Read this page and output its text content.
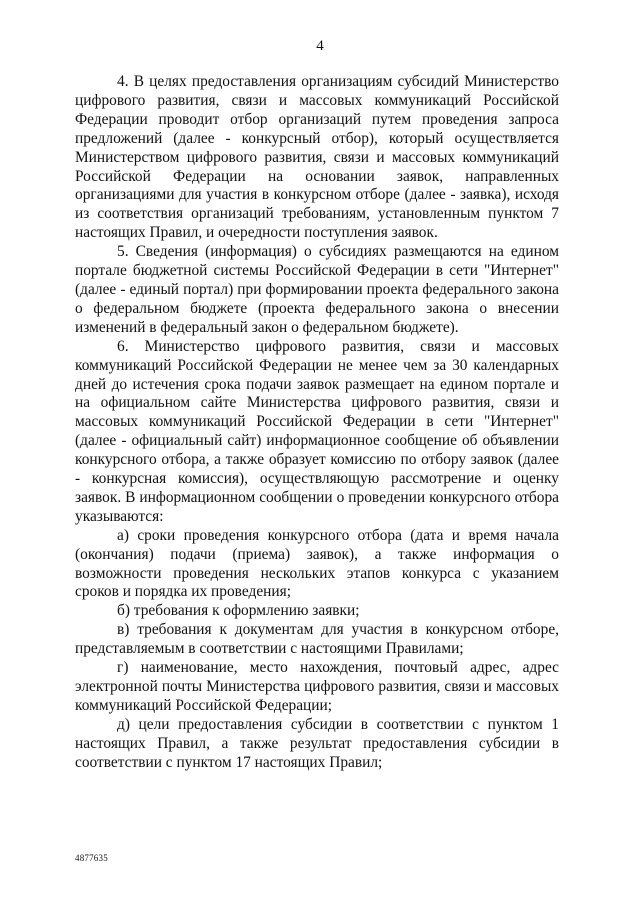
4

4. В целях предоставления организациям субсидий Министерство цифрового развития, связи и массовых коммуникаций Российской Федерации проводит отбор организаций путем проведения запроса предложений (далее - конкурсный отбор), который осуществляется Министерством цифрового развития, связи и массовых коммуникаций Российской Федерации на основании заявок, направленных организациями для участия в конкурсном отборе (далее - заявка), исходя из соответствия организаций требованиям, установленным пунктом 7 настоящих Правил, и очередности поступления заявок.

5. Сведения (информация) о субсидиях размещаются на едином портале бюджетной системы Российской Федерации в сети "Интернет" (далее - единый портал) при формировании проекта федерального закона о федеральном бюджете (проекта федерального закона о внесении изменений в федеральный закон о федеральном бюджете).

6. Министерство цифрового развития, связи и массовых коммуникаций Российской Федерации не менее чем за 30 календарных дней до истечения срока подачи заявок размещает на едином портале и на официальном сайте Министерства цифрового развития, связи и массовых коммуникаций Российской Федерации в сети "Интернет" (далее - официальный сайт) информационное сообщение об объявлении конкурсного отбора, а также образует комиссию по отбору заявок (далее - конкурсная комиссия), осуществляющую рассмотрение и оценку заявок. В информационном сообщении о проведении конкурсного отбора указываются:

а) сроки проведения конкурсного отбора (дата и время начала (окончания) подачи (приема) заявок), а также информация о возможности проведения нескольких этапов конкурса с указанием сроков и порядка их проведения;

б) требования к оформлению заявки;

в) требования к документам для участия в конкурсном отборе, представляемым в соответствии с настоящими Правилами;

г) наименование, место нахождения, почтовый адрес, адрес электронной почты Министерства цифрового развития, связи и массовых коммуникаций Российской Федерации;

д) цели предоставления субсидии в соответствии с пунктом 1 настоящих Правил, а также результат предоставления субсидии в соответствии с пунктом 17 настоящих Правил;

4877635
